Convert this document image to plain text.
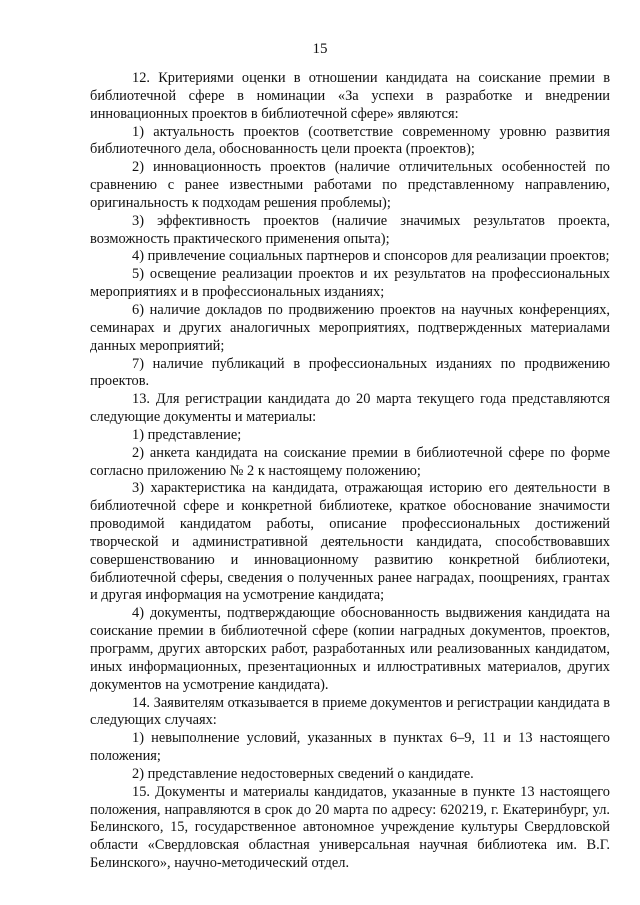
15

12. Критериями оценки в отношении кандидата на соискание премии в библиотечной сфере в номинации «За успехи в разработке и внедрении инновационных проектов в библиотечной сфере» являются:

1) актуальность проектов (соответствие современному уровню развития библиотечного дела, обоснованность цели проекта (проектов);

2) инновационность проектов (наличие отличительных особенностей по сравнению с ранее известными работами по представленному направлению, оригинальность к подходам решения проблемы);

3) эффективность проектов (наличие значимых результатов проекта, возможность практического применения опыта);

4) привлечение социальных партнеров и спонсоров для реализации проектов;

5) освещение реализации проектов и их результатов на профессиональных мероприятиях и в профессиональных изданиях;

6) наличие докладов по продвижению проектов на научных конференциях, семинарах и других аналогичных мероприятиях, подтвержденных материалами данных мероприятий;

7) наличие публикаций в профессиональных изданиях по продвижению проектов.

13. Для регистрации кандидата до 20 марта текущего года представляются следующие документы и материалы:

1) представление;

2) анкета кандидата на соискание премии в библиотечной сфере по форме согласно приложению № 2 к настоящему положению;

3) характеристика на кандидата, отражающая историю его деятельности в библиотечной сфере и конкретной библиотеке, краткое обоснование значимости проводимой кандидатом работы, описание профессиональных достижений творческой и административной деятельности кандидата, способствовавших совершенствованию и инновационному развитию конкретной библиотеки, библиотечной сферы, сведения о полученных ранее наградах, поощрениях, грантах и другая информация на усмотрение кандидата;

4) документы, подтверждающие обоснованность выдвижения кандидата на соискание премии в библиотечной сфере (копии наградных документов, проектов, программ, других авторских работ, разработанных или реализованных кандидатом, иных информационных, презентационных и иллюстративных материалов, других документов на усмотрение кандидата).

14. Заявителям отказывается в приеме документов и регистрации кандидата в следующих случаях:

1) невыполнение условий, указанных в пунктах 6–9, 11 и 13 настоящего положения;

2) представление недостоверных сведений о кандидате.

15. Документы и материалы кандидатов, указанные в пункте 13 настоящего положения, направляются в срок до 20 марта по адресу: 620219, г. Екатеринбург, ул. Белинского, 15, государственное автономное учреждение культуры Свердловской области «Свердловская областная универсальная научная библиотека им. В.Г. Белинского», научно-методический отдел.
